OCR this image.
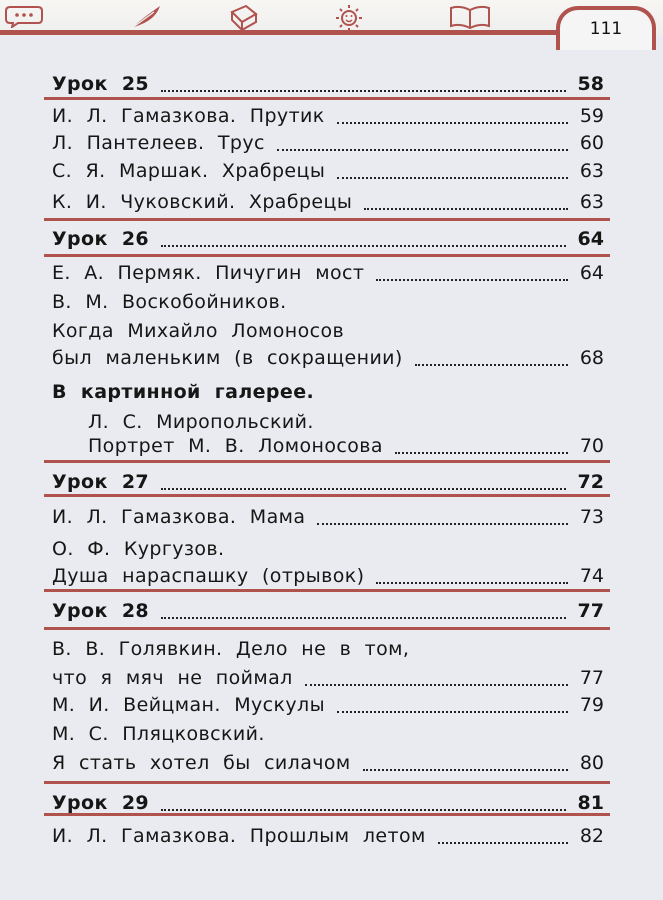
111
Урок 25	58
И. Л. Гамазкова. Прутик	59
Л. Пантелеев. Трус	60
С. Я. Маршак. Храбрецы	63
К. И. Чуковский. Храбрецы	63
Урок 26	64
Е. А. Пермяк. Пичугин мост	64
В. М. Воскобойников.
Когда Михайло Ломоносов
был маленьким (в сокращении)	68
В картинной галерее.
Л. С. Миропольский.
Портрет М. В. Ломоносова	70
Урок 27	72
И. Л. Гамазкова. Мама	73
О. Ф. Кургузов.
Душа нараспашку (отрывок)	74
Урок 28	77
В. В. Голявкин. Дело не в том,
что я мяч не поймал	77
М. И. Вейцман. Мускулы	79
М. С. Пляцковский.
Я стать хотел бы силачом	80
Урок 29	81
И. Л. Гамазкова. Прошлым летом	82
